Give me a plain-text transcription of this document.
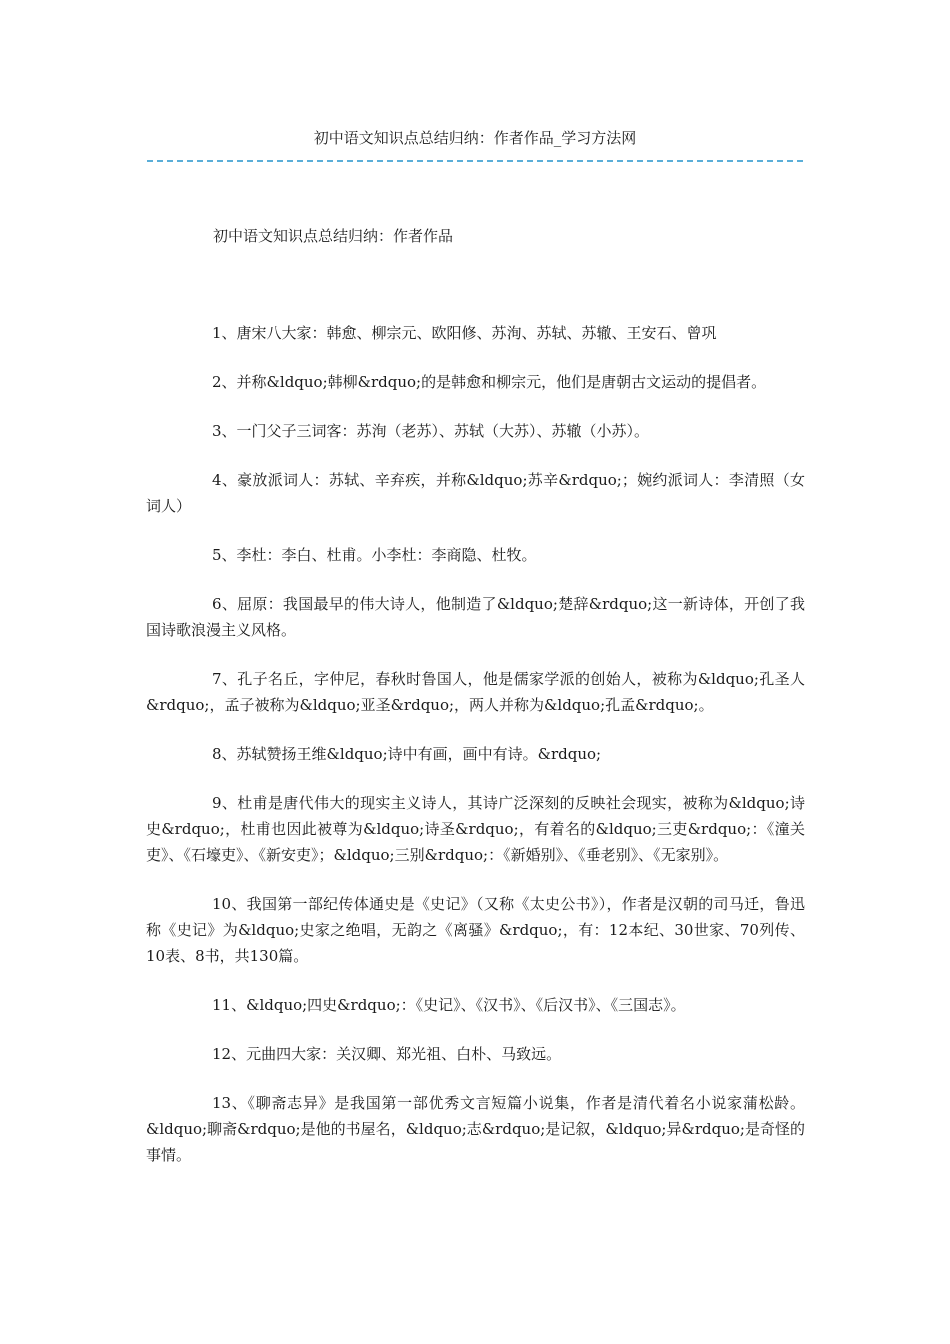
初中语文知识点总结归纳：作者作品_学习方法网
初中语文知识点总结归纳：作者作品

1、唐宋八大家：韩愈、柳宗元、欧阳修、苏洵、苏轼、苏辙、王安石、曾巩

2、并称&ldquo;韩柳&rdquo;的是韩愈和柳宗元，他们是唐朝古文运动的提倡者。

3、一门父子三词客：苏洵（老苏）、苏轼（大苏）、苏辙（小苏）。

4、豪放派词人：苏轼、辛弃疾，并称&ldquo;苏辛&rdquo;；婉约派词人：李清照（女词人）

5、李杜：李白、杜甫。小李杜：李商隐、杜牧。

6、屈原：我国最早的伟大诗人，他制造了&ldquo;楚辞&rdquo;这一新诗体，开创了我国诗歌浪漫主义风格。

7、孔子名丘，字仲尼，春秋时鲁国人，他是儒家学派的创始人，被称为&ldquo;孔圣人&rdquo;，孟子被称为&ldquo;亚圣&rdquo;，两人并称为&ldquo;孔孟&rdquo;。

8、苏轼赞扬王维&ldquo;诗中有画，画中有诗。&rdquo;

9、杜甫是唐代伟大的现实主义诗人，其诗广泛深刻的反映社会现实，被称为&ldquo;诗史&rdquo;，杜甫也因此被尊为&ldquo;诗圣&rdquo;，有着名的&ldquo;三吏&rdquo;：《潼关吏》、《石壕吏》、《新安吏》；&ldquo;三别&rdquo;：《新婚别》、《垂老别》、《无家别》。

10、我国第一部纪传体通史是《史记》（又称《太史公书》），作者是汉朝的司马迁，鲁迅称《史记》为&ldquo;史家之绝唱，无韵之《离骚》&rdquo;，有：12本纪、30世家、70列传、10表、8书，共130篇。

11、&ldquo;四史&rdquo;：《史记》、《汉书》、《后汉书》、《三国志》。

12、元曲四大家：关汉卿、郑光祖、白朴、马致远。

13、《聊斋志异》是我国第一部优秀文言短篇小说集，作者是清代着名小说家蒲松龄。&ldquo;聊斋&rdquo;是他的书屋名，&ldquo;志&rdquo;是记叙，&ldquo;异&rdquo;是奇怪的事情。
